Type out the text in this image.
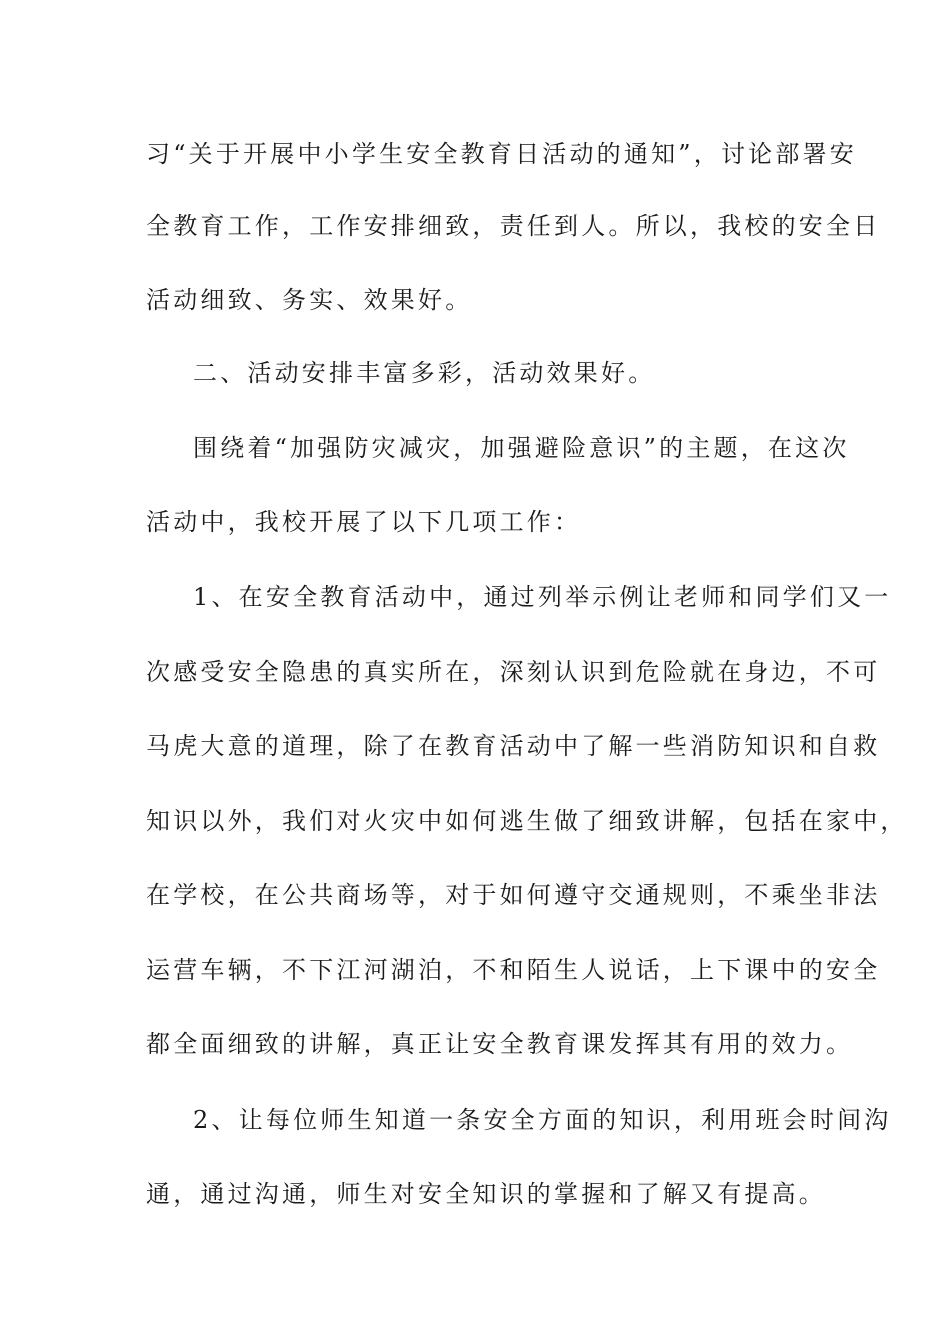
习“关于开展中小学生安全教育日活动的通知”，讨论部署安
全教育工作，工作安排细致，责任到人。所以，我校的安全日
活动细致、务实、效果好。
二、活动安排丰富多彩，活动效果好。
围绕着“加强防灾减灾，加强避险意识”的主题，在这次
活动中，我校开展了以下几项工作：
1、在安全教育活动中，通过列举示例让老师和同学们又一
次感受安全隐患的真实所在，深刻认识到危险就在身边，不可
马虎大意的道理，除了在教育活动中了解一些消防知识和自救
知识以外，我们对火灾中如何逃生做了细致讲解，包括在家中，
在学校，在公共商场等，对于如何遵守交通规则，不乘坐非法
运营车辆，不下江河湖泊，不和陌生人说话，上下课中的安全
都全面细致的讲解，真正让安全教育课发挥其有用的效力。
2、让每位师生知道一条安全方面的知识，利用班会时间沟
通，通过沟通，师生对安全知识的掌握和了解又有提高。
